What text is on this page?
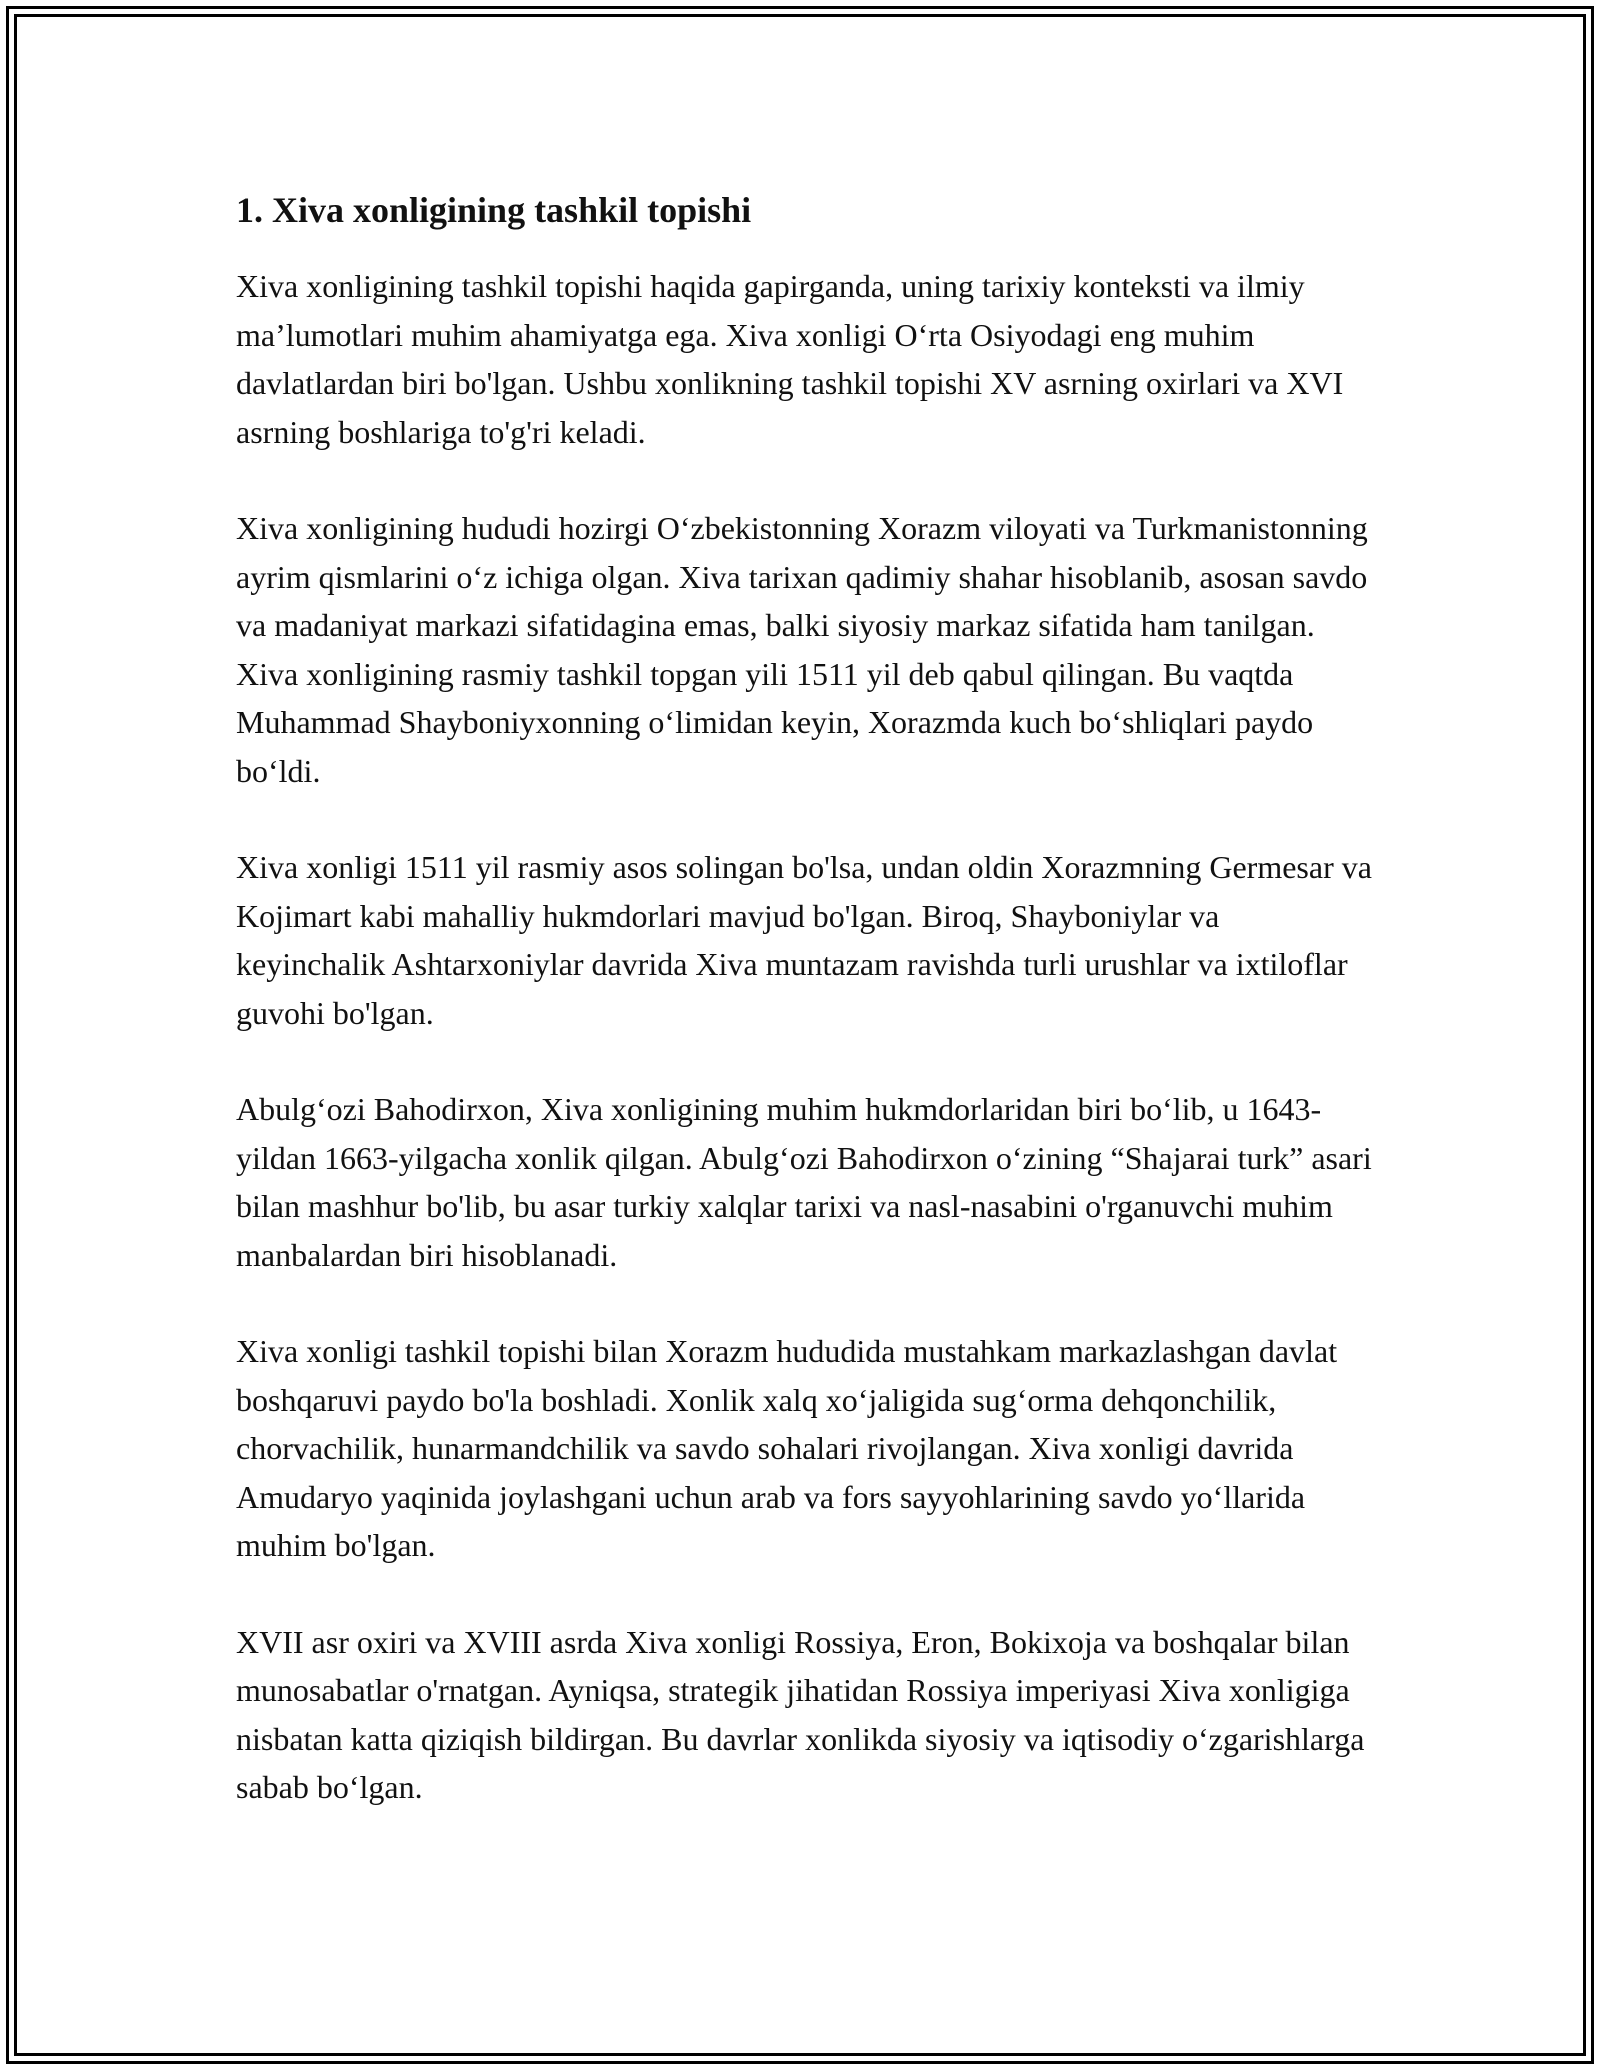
1. Xiva xonligining tashkil topishi

Xiva xonligining tashkil topishi haqida gapirganda, uning tarixiy konteksti va ilmiy ma’lumotlari muhim ahamiyatga ega. Xiva xonligi O‘rta Osiyodagi eng muhim davlatlardan biri bo'lgan. Ushbu xonlikning tashkil topishi XV asrning oxirlari va XVI asrning boshlariga to'g'ri keladi.

Xiva xonligining hududi hozirgi O‘zbekistonning Xorazm viloyati va Turkmanistonning ayrim qismlarini o‘z ichiga olgan. Xiva tarixan qadimiy shahar hisoblanib, asosan savdo va madaniyat markazi sifatidagina emas, balki siyosiy markaz sifatida ham tanilgan. Xiva xonligining rasmiy tashkil topgan yili 1511 yil deb qabul qilingan. Bu vaqtda Muhammad Shayboniyxonning o‘limidan keyin, Xorazmda kuch bo‘shliqlari paydo bo‘ldi.

Xiva xonligi 1511 yil rasmiy asos solingan bo'lsa, undan oldin Xorazmning Germesar va Kojimart kabi mahalliy hukmdorlari mavjud bo'lgan. Biroq, Shayboniylar va keyinchalik Ashtarxoniylar davrida Xiva muntazam ravishda turli urushlar va ixtiloflar guvohi bo'lgan.

Abulg‘ozi Bahodirxon, Xiva xonligining muhim hukmdorlaridan biri bo‘lib, u 1643-yildan 1663-yilgacha xonlik qilgan. Abulg‘ozi Bahodirxon o‘zining “Shajarai turk” asari bilan mashhur bo'lib, bu asar turkiy xalqlar tarixi va nasl-nasabini o'rganuvchi muhim manbalardan biri hisoblanadi.

Xiva xonligi tashkil topishi bilan Xorazm hududida mustahkam markazlashgan davlat boshqaruvi paydo bo'la boshladi. Xonlik xalq xo‘jaligida sug‘orma dehqonchilik, chorvachilik, hunarmandchilik va savdo sohalari rivojlangan. Xiva xonligi davrida Amudaryo yaqinida joylashgani uchun arab va fors sayyohlarining savdo yo‘llarida muhim bo'lgan.

XVII asr oxiri va XVIII asrda Xiva xonligi Rossiya, Eron, Bokixoja va boshqalar bilan munosabatlar o'rnatgan. Ayniqsa, strategik jihatidan Rossiya imperiyasi Xiva xonligiga nisbatan katta qiziqish bildirgan. Bu davrlar xonlikda siyosiy va iqtisodiy o‘zgarishlarga sabab bo‘lgan.
